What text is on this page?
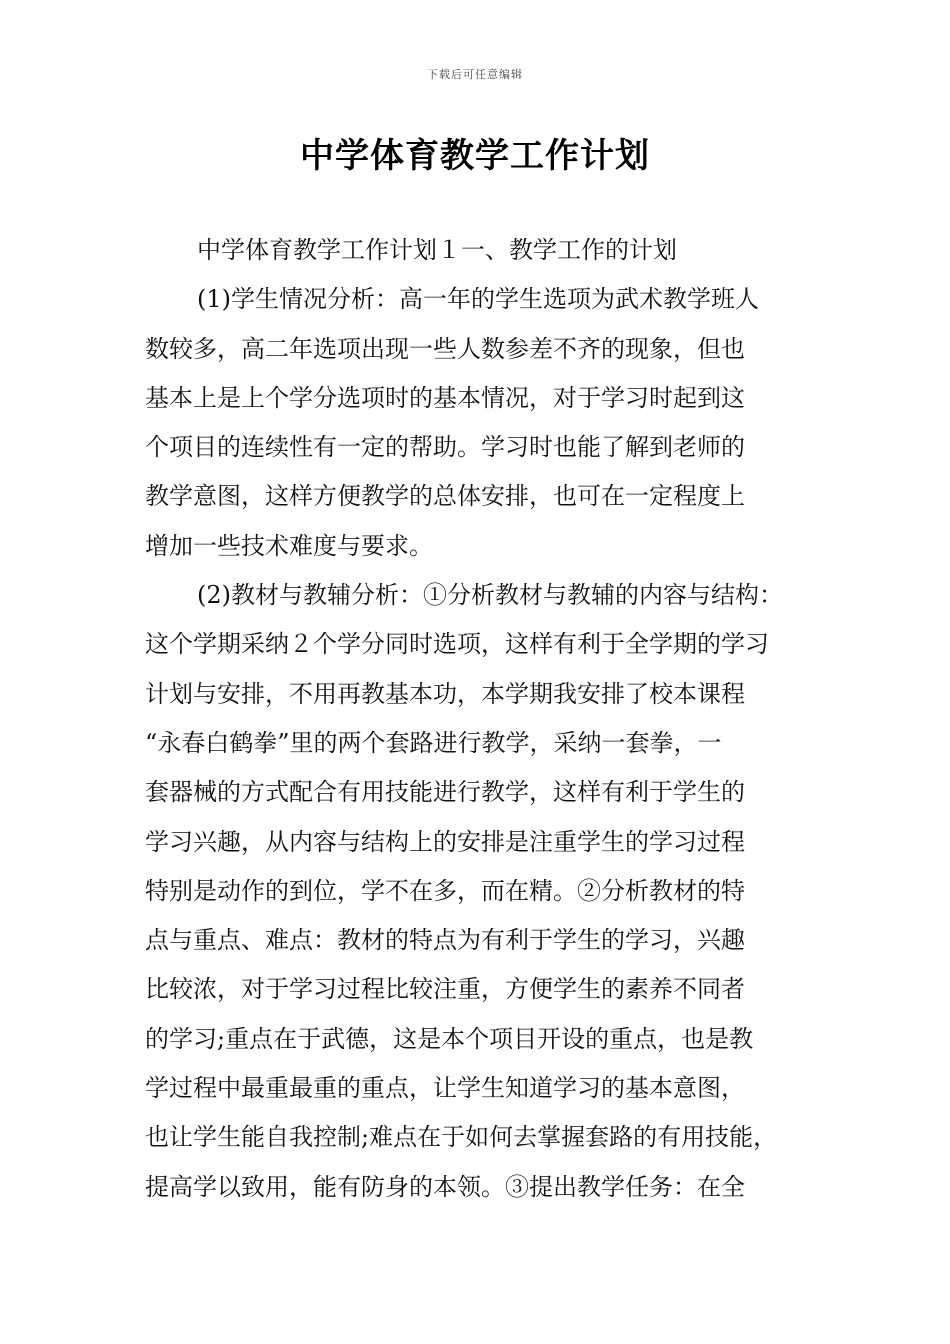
下载后可任意编辑
中学体育教学工作计划
中学体育教学工作计划１一、教学工作的计划
(1)学生情况分析：高一年的学生选项为武术教学班人
数较多，高二年选项出现一些人数参差不齐的现象，但也
基本上是上个学分选项时的基本情况，对于学习时起到这
个项目的连续性有一定的帮助。学习时也能了解到老师的
教学意图，这样方便教学的总体安排，也可在一定程度上
增加一些技术难度与要求。
(2)教材与教辅分析：①分析教材与教辅的内容与结构：
这个学期采纳２个学分同时选项，这样有利于全学期的学习
计划与安排，不用再教基本功，本学期我安排了校本课程
“永春白鹤拳”里的两个套路进行教学，采纳一套拳，一
套器械的方式配合有用技能进行教学，这样有利于学生的
学习兴趣，从内容与结构上的安排是注重学生的学习过程
特别是动作的到位，学不在多，而在精。②分析教材的特
点与重点、难点：教材的特点为有利于学生的学习，兴趣
比较浓，对于学习过程比较注重，方便学生的素养不同者
的学习;重点在于武德，这是本个项目开设的重点，也是教
学过程中最重最重的重点，让学生知道学习的基本意图，
也让学生能自我控制;难点在于如何去掌握套路的有用技能，
提高学以致用，能有防身的本领。③提出教学任务：在全
